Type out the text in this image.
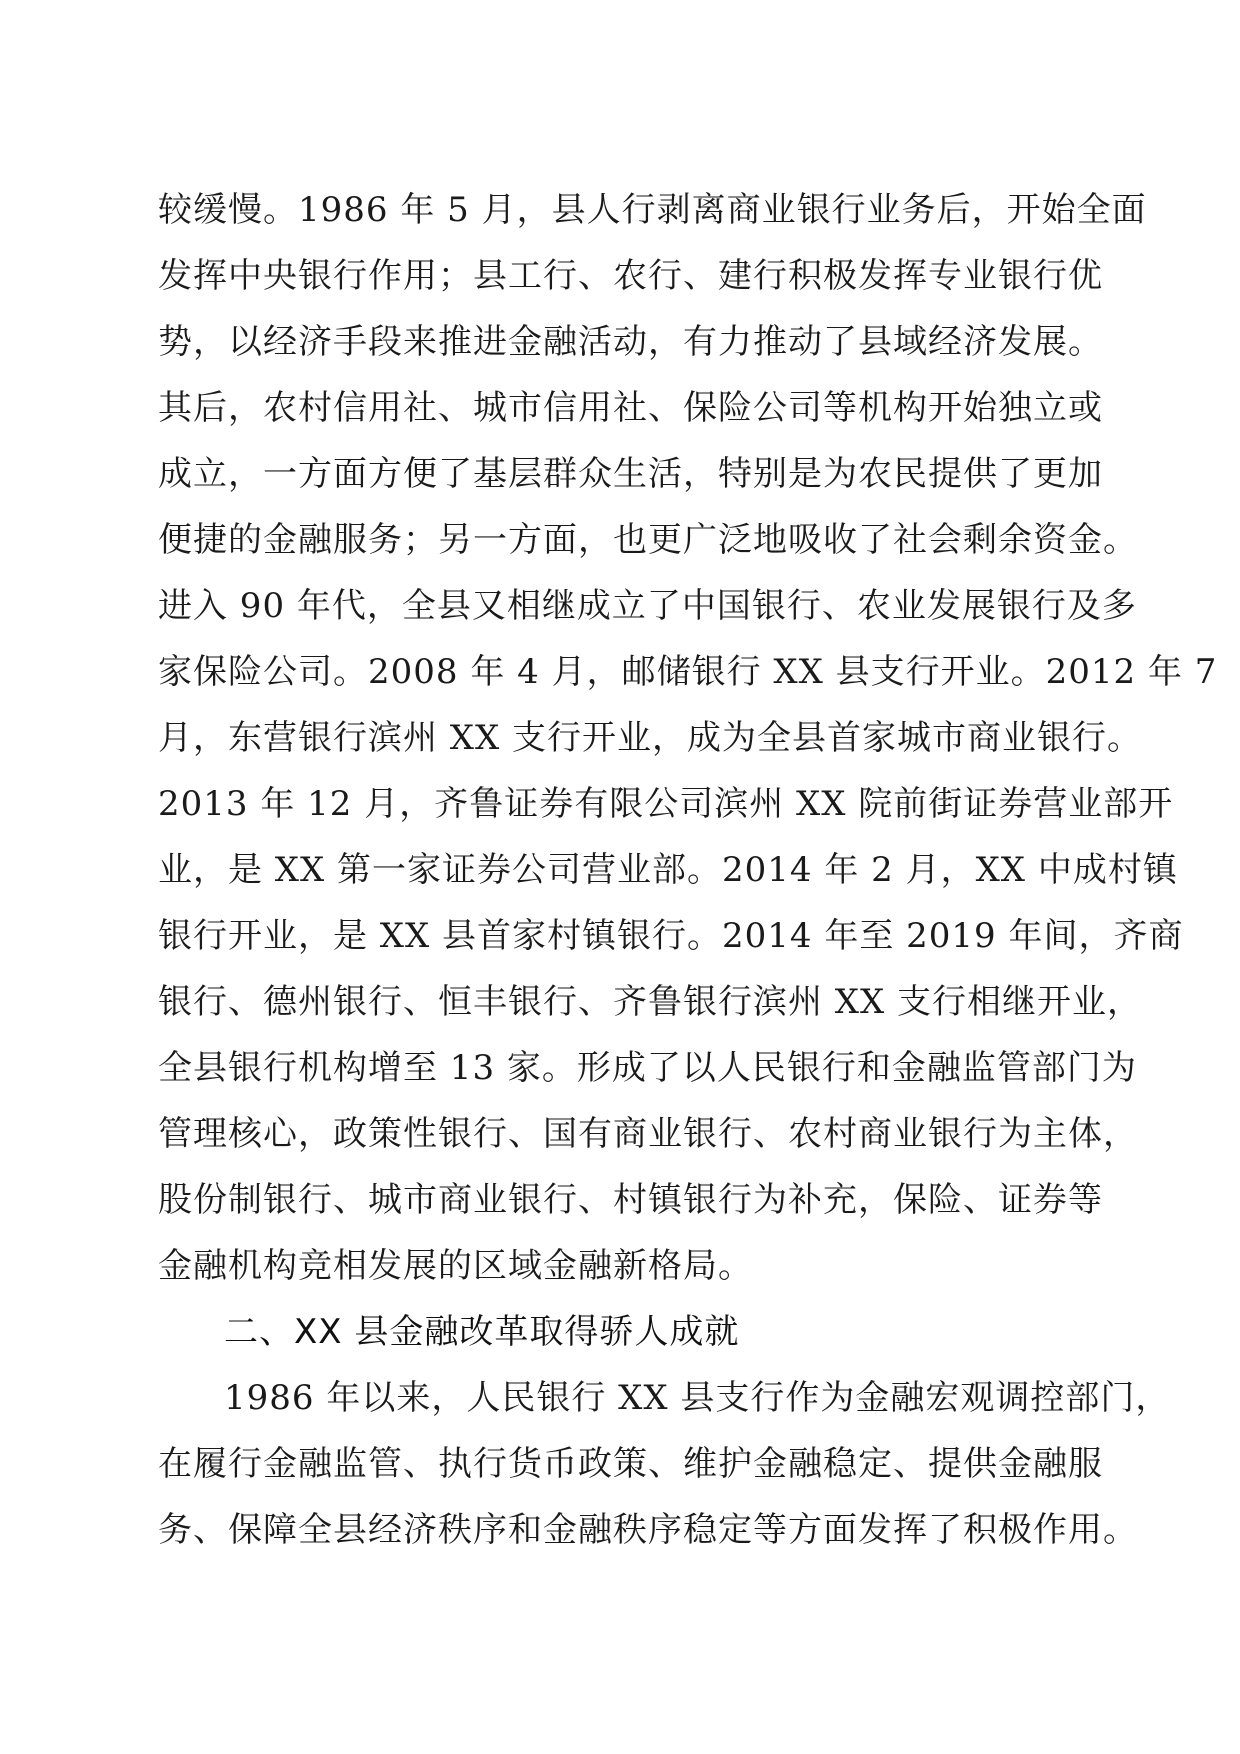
较缓慢。1986 年 5 月，县人行剥离商业银行业务后，开始全面
发挥中央银行作用；县工行、农行、建行积极发挥专业银行优
势，以经济手段来推进金融活动，有力推动了县域经济发展。
其后，农村信用社、城市信用社、保险公司等机构开始独立或
成立，一方面方便了基层群众生活，特别是为农民提供了更加
便捷的金融服务；另一方面，也更广泛地吸收了社会剩余资金。
进入 90 年代，全县又相继成立了中国银行、农业发展银行及多
家保险公司。2008 年 4 月，邮储银行 XX 县支行开业。2012 年 7
月，东营银行滨州 XX 支行开业，成为全县首家城市商业银行。
2013 年 12 月，齐鲁证券有限公司滨州 XX 院前街证券营业部开
业，是 XX 第一家证券公司营业部。2014 年 2 月，XX 中成村镇
银行开业，是 XX 县首家村镇银行。2014 年至 2019 年间，齐商
银行、德州银行、恒丰银行、齐鲁银行滨州 XX 支行相继开业，
全县银行机构增至 13 家。形成了以人民银行和金融监管部门为
管理核心，政策性银行、国有商业银行、农村商业银行为主体，
股份制银行、城市商业银行、村镇银行为补充，保险、证券等
金融机构竞相发展的区域金融新格局。
二、XX 县金融改革取得骄人成就
1986 年以来，人民银行 XX 县支行作为金融宏观调控部门，
在履行金融监管、执行货币政策、维护金融稳定、提供金融服
务、保障全县经济秩序和金融秩序稳定等方面发挥了积极作用。
